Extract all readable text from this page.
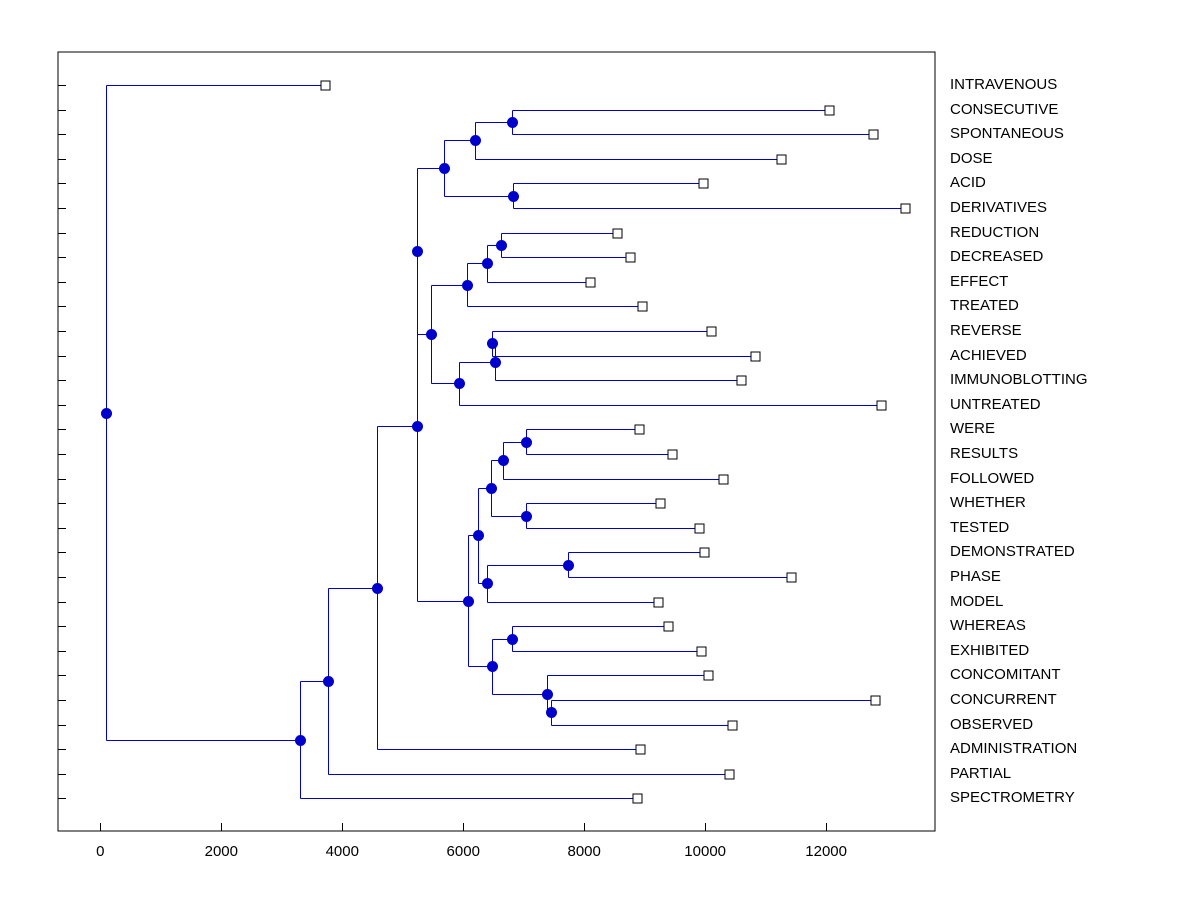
INTRAVENOUS
CONSECUTIVE
SPONTANEOUS
DOSE
ACID
DERIVATIVES
REDUCTION
DECREASED
EFFECT
TREATED
REVERSE
ACHIEVED
IMMUNOBLOTTING
UNTREATED
WERE
RESULTS
FOLLOWED
WHETHER
TESTED
DEMONSTRATED
PHASE
MODEL
WHEREAS
EXHIBITED
CONCOMITANT
CONCURRENT
OBSERVED
ADMINISTRATION
PARTIAL
SPECTROMETRY
0	2000	4000	6000	8000	10000	12000
